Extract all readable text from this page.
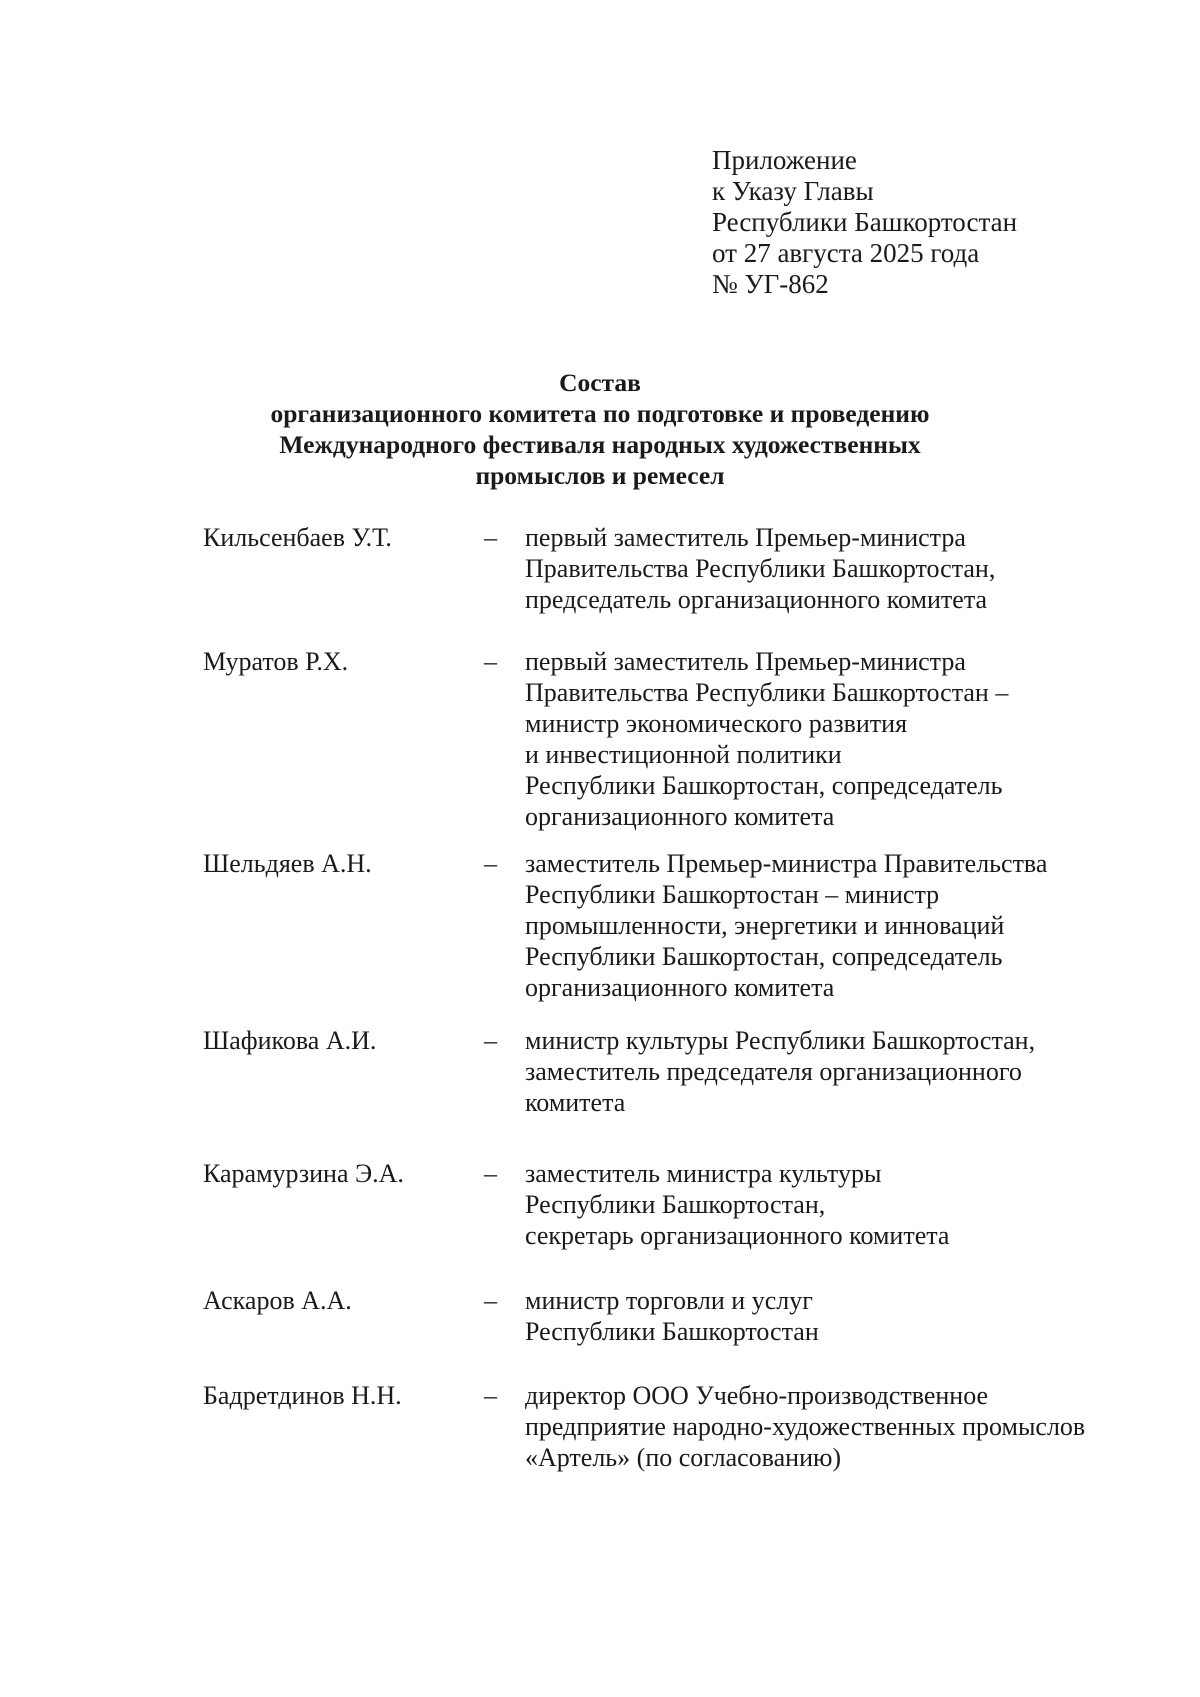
Приложение
к Указу Главы
Республики Башкортостан
от 27 августа 2025 года
№ УГ-862
Состав
организационного комитета по подготовке и проведению
Международного фестиваля народных художественных
промыслов и ремесел
Кильсенбаев У.Т.	– первый заместитель Премьер-министра
Правительства Республики Башкортостан,
председатель организационного комитета
Муратов Р.Х.	– первый заместитель Премьер-министра
Правительства Республики Башкортостан –
министр экономического развития
и инвестиционной политики
Республики Башкортостан, сопредседатель
организационного комитета
Шельдяев А.Н.	– заместитель Премьер-министра Правительства
Республики Башкортостан – министр
промышленности, энергетики и инноваций
Республики Башкортостан, сопредседатель
организационного комитета
Шафикова А.И.	– министр культуры Республики Башкортостан,
заместитель председателя организационного
комитета
Карамурзина Э.А.	– заместитель министра культуры
Республики Башкортостан,
секретарь организационного комитета
Аскаров А.А.	– министр торговли и услуг
Республики Башкортостан
Бадретдинов Н.Н.	– директор ООО Учебно-производственное
предприятие народно-художественных промыслов
«Артель» (по согласованию)
